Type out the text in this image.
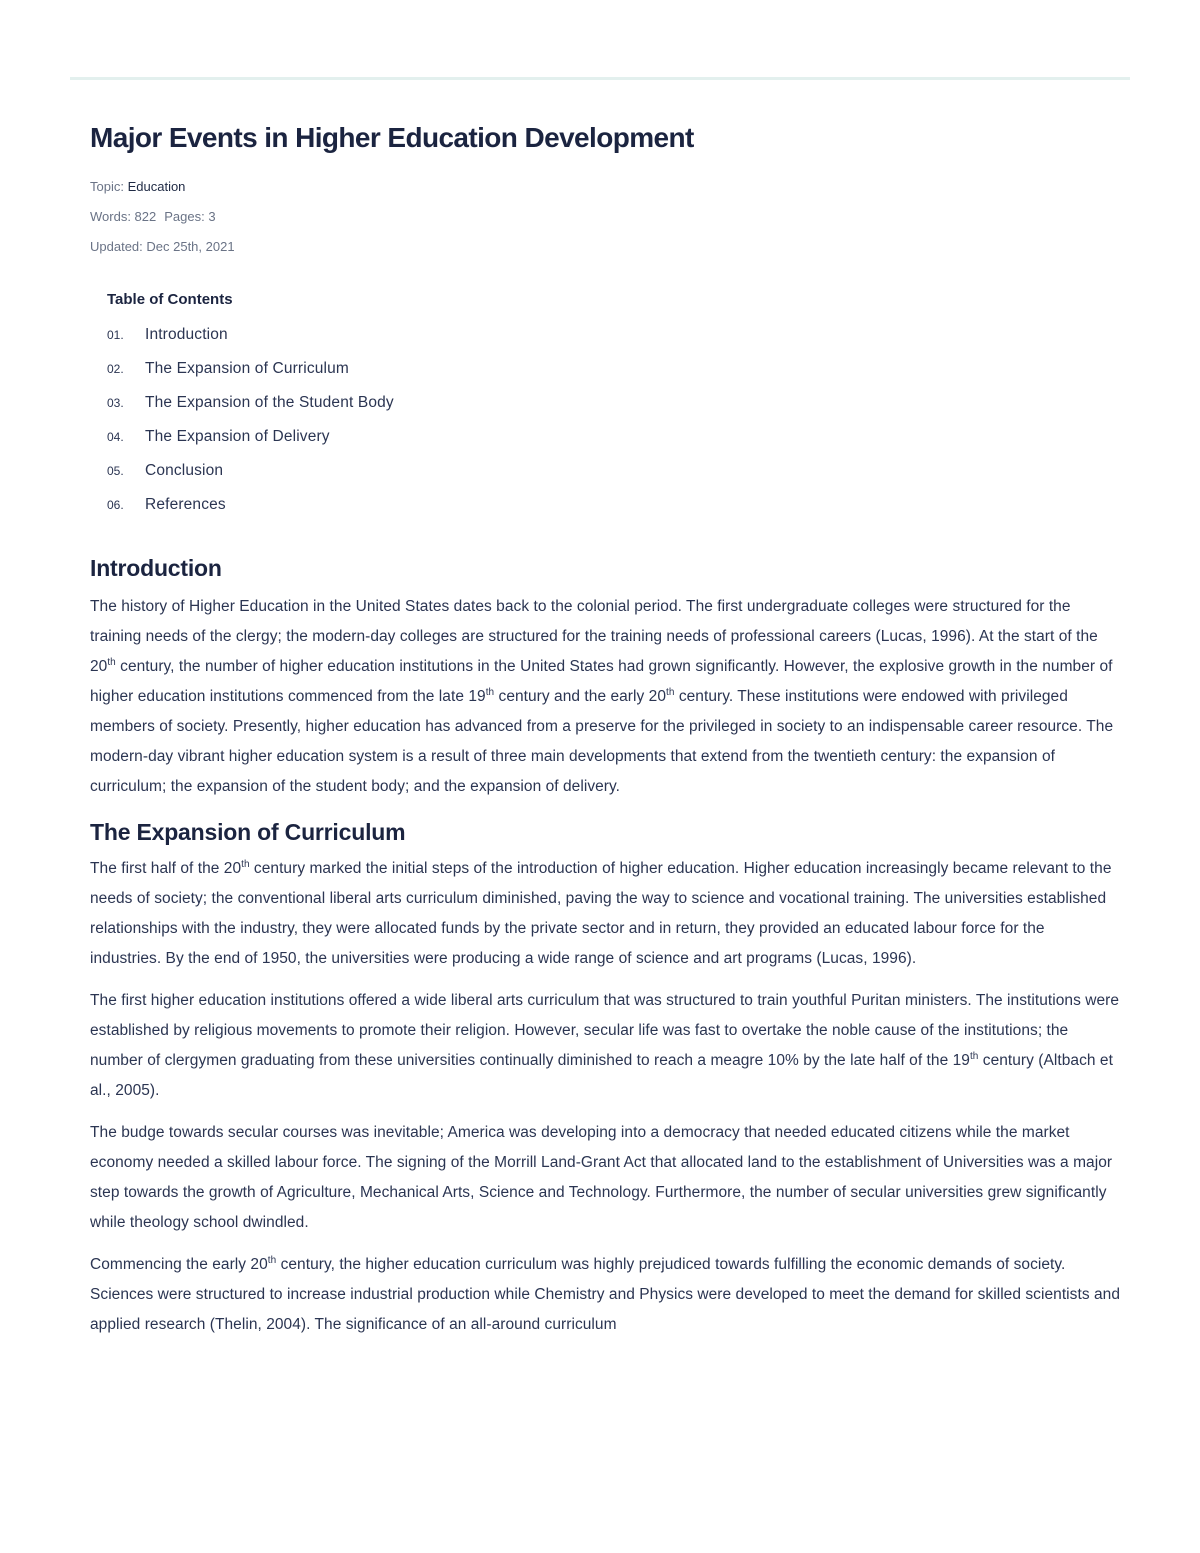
Major Events in Higher Education Development
Topic: Education
Words: 822 Pages: 3
Updated: Dec 25th, 2021
Table of Contents
01.	Introduction
02.	The Expansion of Curriculum
03.	The Expansion of the Student Body
04.	The Expansion of Delivery
05.	Conclusion
06.	References
Introduction

The history of Higher Education in the United States dates back to the colonial period. The first undergraduate colleges were structured for the training needs of the clergy; the modern-day colleges are structured for the training needs of professional careers (Lucas, 1996). At the start of the 20th century, the number of higher education institutions in the United States had grown significantly. However, the explosive growth in the number of higher education institutions commenced from the late 19th century and the early 20th century. These institutions were endowed with privileged members of society. Presently, higher education has advanced from a preserve for the privileged in society to an indispensable career resource. The modern-day vibrant higher education system is a result of three main developments that extend from the twentieth century: the expansion of curriculum; the expansion of the student body; and the expansion of delivery.

The Expansion of Curriculum

The first half of the 20th century marked the initial steps of the introduction of higher education. Higher education increasingly became relevant to the needs of society; the conventional liberal arts curriculum diminished, paving the way to science and vocational training. The universities established relationships with the industry, they were allocated funds by the private sector and in return, they provided an educated labour force for the industries. By the end of 1950, the universities were producing a wide range of science and art programs (Lucas, 1996).

The first higher education institutions offered a wide liberal arts curriculum that was structured to train youthful Puritan ministers. The institutions were established by religious movements to promote their religion. However, secular life was fast to overtake the noble cause of the institutions; the number of clergymen graduating from these universities continually diminished to reach a meagre 10% by the late half of the 19th century (Altbach et al., 2005).

The budge towards secular courses was inevitable; America was developing into a democracy that needed educated citizens while the market economy needed a skilled labour force. The signing of the Morrill Land-Grant Act that allocated land to the establishment of Universities was a major step towards the growth of Agriculture, Mechanical Arts, Science and Technology. Furthermore, the number of secular universities grew significantly while theology school dwindled.

Commencing the early 20th century, the higher education curriculum was highly prejudiced towards fulfilling the economic demands of society. Sciences were structured to increase industrial production while Chemistry and Physics were developed to meet the demand for skilled scientists and applied research (Thelin, 2004). The significance of an all-around curriculum
